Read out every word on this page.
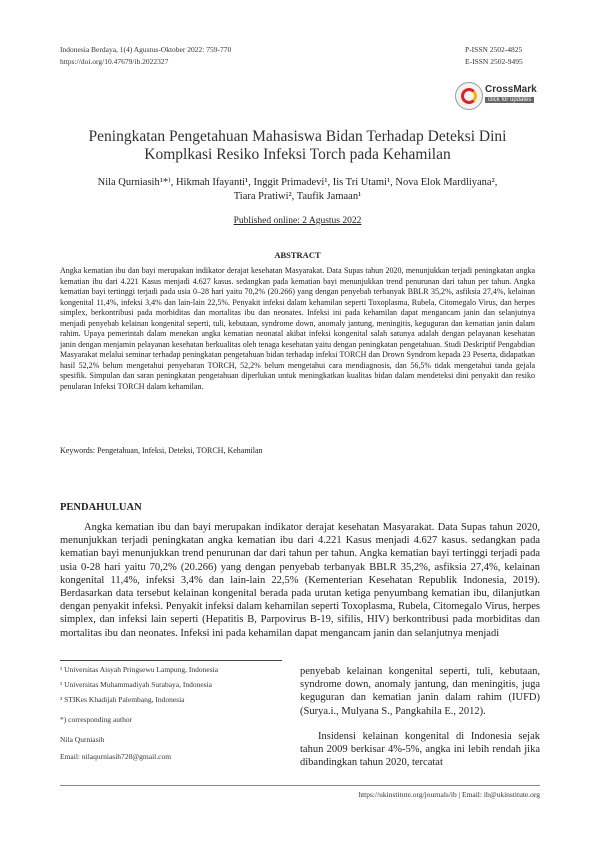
Indonesia Berdaya, 1(4) Agustus-Oktober 2022: 759-770
https://doi.org/10.47679/ib.2022327
P-ISSN 2502-4825
E-ISSN 2502-9495
CrossMark
click for updates
Peningkatan Pengetahuan Mahasiswa Bidan Terhadap Deteksi Dini
Komplkasi Resiko Infeksi Torch pada Kehamilan
Nila Qurniasih¹*⁾, Hikmah Ifayanti¹, Inggit Primadevi¹, Iis Tri Utami¹, Nova Elok Mardliyana²,
Tiara Pratiwi², Taufik Jamaan¹
Published online: 2 Agustus 2022
ABSTRACT
Angka kematian ibu dan bayi merupakan indikator derajat kesehatan Masyarakat. Data Supas tahun 2020, menunjukkan terjadi peningkatan angka kematian ibu dari 4.221 Kasus menjadi 4.627 kasus. sedangkan pada kematian bayi menunjukkan trend penurunan dari tahun per tahun. Angka kematian bayi tertinggi terjadi pada usia 0–28 hari yaitu 70,2% (20.266) yang dengan penyebab terbanyak BBLR 35,2%, asfiksia 27,4%, kelainan kongenital 11,4%, infeksi 3,4% dan lain-lain 22,5%. Penyakit infeksi dalam kehamilan seperti Toxoplasma, Rubela, Citomegalo Virus, dan herpes simplex, berkontribusi pada morbiditas dan mortalitas ibu dan neonates. Infeksi ini pada kehamilan dapat mengancam janin dan selanjutnya menjadi penyebab kelainan kongenital seperti, tuli, kebutaan, syndrome down, anomaly jantung, meningitis, keguguran dan kematian janin dalam rahim. Upaya pemerintah dalam menekan angka kematian neonatal akibat infeksi kongenital salah satunya adalah dengan pelayanan kesehatan janin dengan menjamin pelayanan kesehatan berkualitas oleh tenaga kesehatan yaitu dengan peningkatan pengetahuan. Studi Deskriptif Pengabdian Masyarakat melalui seminar terhadap peningkatan pengetahuan bidan terhadap infeksi TORCH dan Drown Syndrom kepada 23 Peserta, didapatkan hasil 52,2% belum mengetahui penyebaran TORCH, 52,2% belum mengetahui cara mendiagnosis, dan 56,5% tidak mengetahui tanda gejala spesifik. Simpulan dan saran peningkatan pengetahuan diperlukan untuk meningkatkan kualitas bidan dalam mendeteksi dini penyakit dan resiko penularan Infeksi TORCH dalam kehamilan.
Keywords: Pengetahuan, Infeksi, Deteksi, TORCH, Kehamilan
PENDAHULUAN
Angka kematian ibu dan bayi merupakan indikator derajat kesehatan Masyarakat. Data Supas tahun 2020, menunjukkan terjadi peningkatan angka kematian ibu dari 4.221 Kasus menjadi 4.627 kasus. sedangkan pada kematian bayi menunjukkan trend penurunan dar dari tahun per tahun. Angka kematian bayi tertinggi terjadi pada usia 0-28 hari yaitu 70,2% (20.266) yang dengan penyebab terbanyak BBLR 35,2%, asfiksia 27,4%, kelainan kongenital 11,4%, infeksi 3,4% dan lain-lain 22,5% (Kementerian Kesehatan Republik Indonesia, 2019). Berdasarkan data tersebut kelainan kongenital berada pada urutan ketiga penyumbang kematian ibu, dilanjutkan dengan penyakit infeksi. Penyakit infeksi dalam kehamilan seperti Toxoplasma, Rubela, Citomegalo Virus, herpes simplex, dan infeksi lain seperti (Hepatitis B, Parpovirus B-19, sifilis, HIV) berkontribusi pada morbiditas dan mortalitas ibu dan neonates. Infeksi ini pada kehamilan dapat mengancam janin dan selanjutnya menjadi
penyebab kelainan kongenital seperti, tuli, kebutaan, syndrome down, anomaly jantung, dan meningitis, juga keguguran dan kematian janin dalam rahim (IUFD) (Surya.i., Mulyana S., Pangkahila E., 2012).
Insidensi kelainan kongenital di Indonesia sejak tahun 2009 berkisar 4%-5%, angka ini lebih rendah jika dibandingkan tahun 2020, tercatat
¹ Universitas Aisyah Pringsewu Lampung, Indonesia
² Universitas Muhammadiyah Surabaya, Indonesia
³ STIKes Khadijah Palembang, Indonesia
*) corresponding author
Nila Qurniasih
Email: nilaqurniasih728@gmail.com
https://ukinstitute.org/journals/ib | Email: ib@ukinstitute.org
